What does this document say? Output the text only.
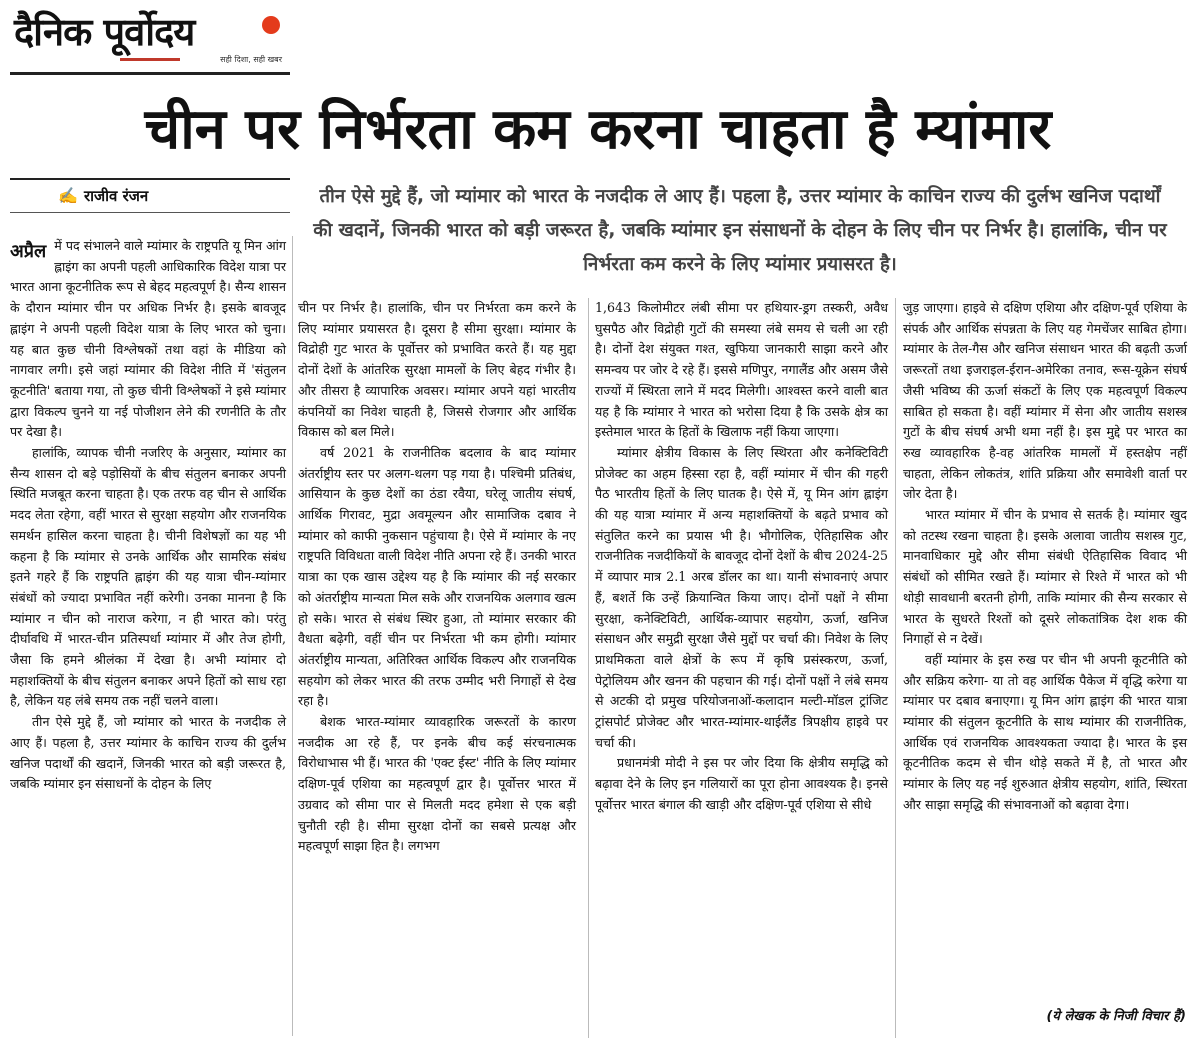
दैनिक पूर्वोदय
सही दिशा, सही खबर
चीन पर निर्भरता कम करना चाहता है म्यांमार
✍ राजीव रंजन	तीन ऐसे मुद्दे हैं, जो म्यांमार को भारत के नजदीक ले आए हैं। पहला है, उत्तर म्यांमार के काचिन राज्य की दुर्लभ खनिज पदार्थों की खदानें, जिनकी भारत को बड़ी जरूरत है, जबकि म्यांमार इन संसाधनों के दोहन के लिए चीन पर निर्भर है। हालांकि, चीन पर निर्भरता कम करने के लिए म्यांमार प्रयासरत है।

अप्रैल में पद संभालने वाले म्यांमार के राष्ट्रपति यू मिन आंग ह्लाइंग का अपनी पहली आधिकारिक विदेश यात्रा पर भारत आना कूटनीतिक रूप से बेहद महत्वपूर्ण है। सैन्य शासन के दौरान म्यांमार चीन पर अधिक निर्भर है। इसके बावजूद ह्लाइंग ने अपनी पहली विदेश यात्रा के लिए भारत को चुना। यह बात कुछ चीनी विश्लेषकों तथा वहां के मीडिया को नागवार लगी। इसे जहां म्यांमार की विदेश नीति में 'संतुलन कूटनीति' बताया गया, तो कुछ चीनी विश्लेषकों ने इसे म्यांमार द्वारा विकल्प चुनने या नई पोजीशन लेने की रणनीति के तौर पर देखा है।

हालांकि, व्यापक चीनी नजरिए के अनुसार, म्यांमार का सैन्य शासन दो बड़े पड़ोसियों के बीच संतुलन बनाकर अपनी स्थिति मजबूत करना चाहता है। एक तरफ वह चीन से आर्थिक मदद लेता रहेगा, वहीं भारत से सुरक्षा सहयोग और राजनयिक समर्थन हासिल करना चाहता है। चीनी विशेषज्ञों का यह भी कहना है कि म्यांमार से उनके आर्थिक और सामरिक संबंध इतने गहरे हैं कि राष्ट्रपति ह्लाइंग की यह यात्रा चीन-म्यांमार संबंधों को ज्यादा प्रभावित नहीं करेगी। उनका मानना है कि म्यांमार न चीन को नाराज करेगा, न ही भारत को। परंतु दीर्घावधि में भारत-चीन प्रतिस्पर्धा म्यांमार में और तेज होगी, जैसा कि हमने श्रीलंका में देखा है। अभी म्यांमार दो महाशक्तियों के बीच संतुलन बनाकर अपने हितों को साध रहा है, लेकिन यह लंबे समय तक नहीं चलने वाला।

तीन ऐसे मुद्दे हैं, जो म्यांमार को भारत के नजदीक ले आए हैं। पहला है, उत्तर म्यांमार के काचिन राज्य की दुर्लभ खनिज पदार्थों की खदानें, जिनकी भारत को बड़ी जरूरत है, जबकि म्यांमार इन संसाधनों के दोहन के लिए

चीन पर निर्भर है। हालांकि, चीन पर निर्भरता कम करने के लिए म्यांमार प्रयासरत है। दूसरा है सीमा सुरक्षा। म्यांमार के विद्रोही गुट भारत के पूर्वोत्तर को प्रभावित करते हैं। यह मुद्दा दोनों देशों के आंतरिक सुरक्षा मामलों के लिए बेहद गंभीर है। और तीसरा है व्यापारिक अवसर। म्यांमार अपने यहां भारतीय कंपनियों का निवेश चाहती है, जिससे रोजगार और आर्थिक विकास को बल मिले।

वर्ष 2021 के राजनीतिक बदलाव के बाद म्यांमार अंतर्राष्ट्रीय स्तर पर अलग-थलग पड़ गया है। पश्चिमी प्रतिबंध, आसियान के कुछ देशों का ठंडा रवैया, घरेलू जातीय संघर्ष, आर्थिक गिरावट, मुद्रा अवमूल्यन और सामाजिक दबाव ने म्यांमार को काफी नुकसान पहुंचाया है। ऐसे में म्यांमार के नए राष्ट्रपति विविधता वाली विदेश नीति अपना रहे हैं। उनकी भारत यात्रा का एक खास उद्देश्य यह है कि म्यांमार की नई सरकार को अंतर्राष्ट्रीय मान्यता मिल सके और राजनयिक अलगाव खत्म हो सके। भारत से संबंध स्थिर हुआ, तो म्यांमार सरकार की वैधता बढ़ेगी, वहीं चीन पर निर्भरता भी कम होगी। म्यांमार अंतर्राष्ट्रीय मान्यता, अतिरिक्त आर्थिक विकल्प और राजनयिक सहयोग को लेकर भारत की तरफ उम्मीद भरी निगाहों से देख रहा है।

बेशक भारत-म्यांमार व्यावहारिक जरूरतों के कारण नजदीक आ रहे हैं, पर इनके बीच कई संरचनात्मक विरोधाभास भी हैं। भारत की 'एक्ट ईस्ट' नीति के लिए म्यांमार दक्षिण-पूर्व एशिया का महत्वपूर्ण द्वार है। पूर्वोत्तर भारत में उग्रवाद को सीमा पार से मिलती मदद हमेशा से एक बड़ी चुनौती रही है। सीमा सुरक्षा दोनों का सबसे प्रत्यक्ष और महत्वपूर्ण साझा हित है। लगभग

1,643 किलोमीटर लंबी सीमा पर हथियार-ड्रग तस्करी, अवैध घुसपैठ और विद्रोही गुटों की समस्या लंबे समय से चली आ रही है। दोनों देश संयुक्त गश्त, खुफिया जानकारी साझा करने और समन्वय पर जोर दे रहे हैं। इससे मणिपुर, नगालैंड और असम जैसे राज्यों में स्थिरता लाने में मदद मिलेगी। आश्वस्त करने वाली बात यह है कि म्यांमार ने भारत को भरोसा दिया है कि उसके क्षेत्र का इस्तेमाल भारत के हितों के खिलाफ नहीं किया जाएगा।

म्यांमार क्षेत्रीय विकास के लिए स्थिरता और कनेक्टिविटी प्रोजेक्ट का अहम हिस्सा रहा है, वहीं म्यांमार में चीन की गहरी पैठ भारतीय हितों के लिए घातक है। ऐसे में, यू मिन आंग ह्लाइंग की यह यात्रा म्यांमार में अन्य महाशक्तियों के बढ़ते प्रभाव को संतुलित करने का प्रयास भी है। भौगोलिक, ऐतिहासिक और राजनीतिक नजदीकियों के बावजूद दोनों देशों के बीच 2024-25 में व्यापार मात्र 2.1 अरब डॉलर का था। यानी संभावनाएं अपार हैं, बशर्ते कि उन्हें क्रियान्वित किया जाए। दोनों पक्षों ने सीमा सुरक्षा, कनेक्टिविटी, आर्थिक-व्यापार सहयोग, ऊर्जा, खनिज संसाधन और समुद्री सुरक्षा जैसे मुद्दों पर चर्चा की। निवेश के लिए प्राथमिकता वाले क्षेत्रों के रूप में कृषि प्रसंस्करण, ऊर्जा, पेट्रोलियम और खनन की पहचान की गई। दोनों पक्षों ने लंबे समय से अटकी दो प्रमुख परियोजनाओं-कलादान मल्टी-मॉडल ट्रांजिट ट्रांसपोर्ट प्रोजेक्ट और भारत-म्यांमार-थाईलैंड त्रिपक्षीय हाइवे पर चर्चा की।

प्रधानमंत्री मोदी ने इस पर जोर दिया कि क्षेत्रीय समृद्धि को बढ़ावा देने के लिए इन गलियारों का पूरा होना आवश्यक है। इनसे पूर्वोत्तर भारत बंगाल की खाड़ी और दक्षिण-पूर्व एशिया से सीधे

जुड़ जाएगा। हाइवे से दक्षिण एशिया और दक्षिण-पूर्व एशिया के संपर्क और आर्थिक संपन्नता के लिए यह गेमचेंजर साबित होगा। म्यांमार के तेल-गैस और खनिज संसाधन भारत की बढ़ती ऊर्जा जरूरतों तथा इजराइल-ईरान-अमेरिका तनाव, रूस-यूक्रेन संघर्ष जैसी भविष्य की ऊर्जा संकटों के लिए एक महत्वपूर्ण विकल्प साबित हो सकता है। वहीं म्यांमार में सेना और जातीय सशस्त्र गुटों के बीच संघर्ष अभी थमा नहीं है। इस मुद्दे पर भारत का रुख व्यावहारिक है-वह आंतरिक मामलों में हस्तक्षेप नहीं चाहता, लेकिन लोकतंत्र, शांति प्रक्रिया और समावेशी वार्ता पर जोर देता है।

भारत म्यांमार में चीन के प्रभाव से सतर्क है। म्यांमार खुद को तटस्थ रखना चाहता है। इसके अलावा जातीय सशस्त्र गुट, मानवाधिकार मुद्दे और सीमा संबंधी ऐतिहासिक विवाद भी संबंधों को सीमित रखते हैं। म्यांमार से रिश्ते में भारत को भी थोड़ी सावधानी बरतनी होगी, ताकि म्यांमार की सैन्य सरकार से भारत के सुधरते रिश्तों को दूसरे लोकतांत्रिक देश शक की निगाहों से न देखें।

वहीं म्यांमार के इस रुख पर चीन भी अपनी कूटनीति को और सक्रिय करेगा- या तो वह आर्थिक पैकेज में वृद्धि करेगा या म्यांमार पर दबाव बनाएगा। यू मिन आंग ह्लाइंग की भारत यात्रा म्यांमार की संतुलन कूटनीति के साथ म्यांमार की राजनीतिक, आर्थिक एवं राजनयिक आवश्यकता ज्यादा है। भारत के इस कूटनीतिक कदम से चीन थोड़े सकते में है, तो भारत और म्यांमार के लिए यह नई शुरुआत क्षेत्रीय सहयोग, शांति, स्थिरता और साझा समृद्धि की संभावनाओं को बढ़ावा देगा।

(ये लेखक के निजी विचार हैं)
